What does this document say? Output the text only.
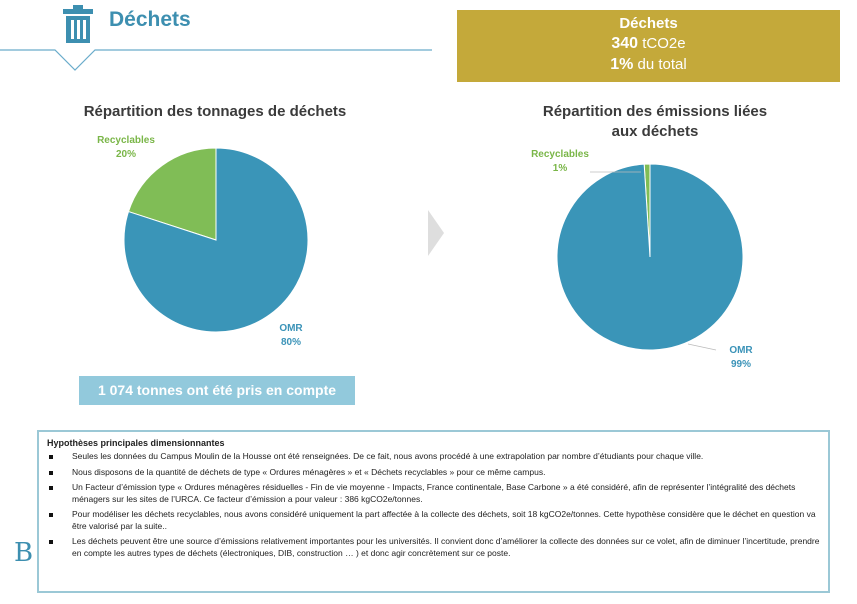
Déchets	Déchets
340 tCO2e
1% du total
Répartition des tonnages de déchets	Répartition des émissions liées
aux déchets
Recyclables
20%
OMR
80%
Recyclables
1%
OMR
99%
1 074 tonnes ont été pris en compte
Hypothèses principales dimensionnantes
Seules les données du Campus Moulin de la Housse ont été renseignées. De ce fait, nous avons procédé à une extrapolation par nombre d’étudiants pour chaque ville.
Nous disposons de la quantité de déchets de type « Ordures ménagères » et « Déchets recyclables » pour ce même campus.
Un Facteur d’émission type « Ordures ménagères résiduelles - Fin de vie moyenne - Impacts, France continentale, Base Carbone » a été considéré, afin de représenter l’intégralité des déchets ménagers sur les sites de l’URCA. Ce facteur d’émission a pour valeur : 386 kgCO2e/tonnes.
Pour modéliser les déchets recyclables, nous avons considéré uniquement la part affectée à la collecte des déchets, soit 18 kgCO2e/tonnes. Cette hypothèse considère que le déchet en question va être valorisé par la suite..
Les déchets peuvent être une source d’émissions relativement importantes pour les universités. Il convient donc d’améliorer la collecte des données sur ce volet, afin de diminuer l’incertitude, prendre en compte les autres types de déchets (électroniques, DIB, construction … ) et donc agir concrètement sur ce poste.
B
